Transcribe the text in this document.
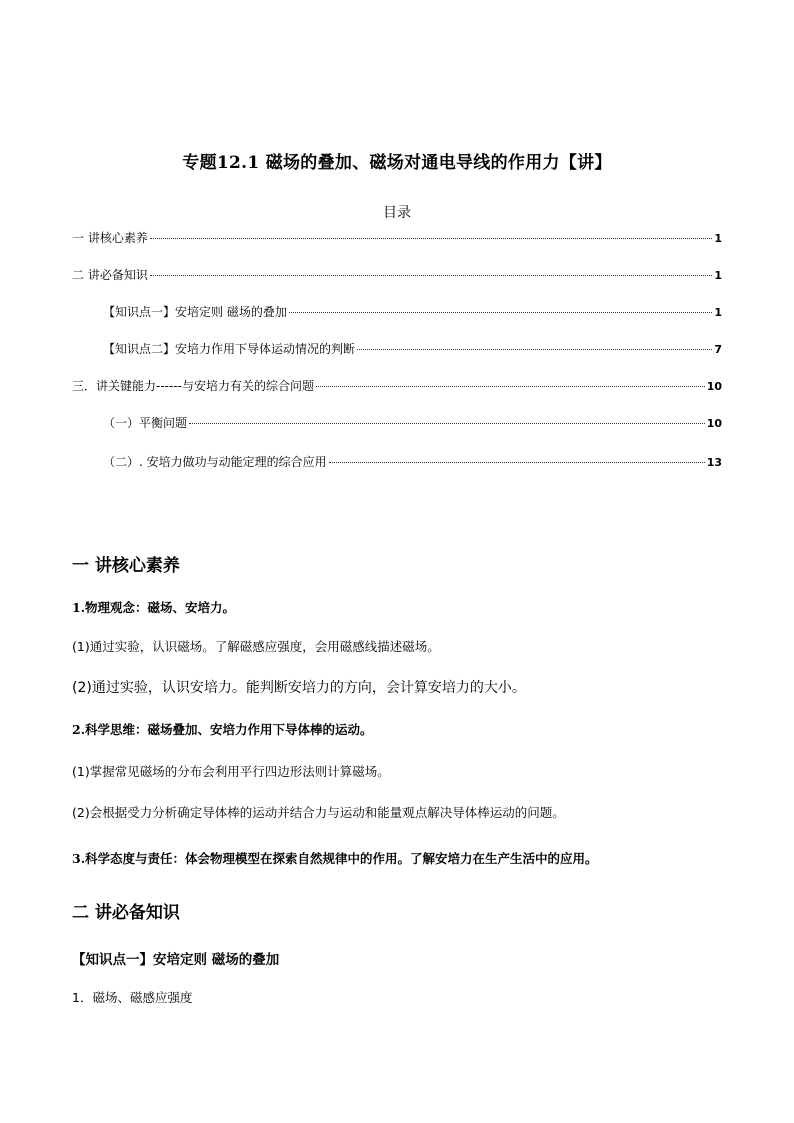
专题12.1 磁场的叠加、磁场对通电导线的作用力【讲】
目录
一 讲核心素养	1
二 讲必备知识	1
【知识点一】安培定则 磁场的叠加	1
【知识点二】安培力作用下导体运动情况的判断	7
三．讲关键能力------与安培力有关的综合问题	10
（一）平衡问题	10
（二）. 安培力做功与动能定理的综合应用	13
一 讲核心素养
1.物理观念：磁场、安培力。
(1)通过实验，认识磁场。了解磁感应强度，会用磁感线描述磁场。
(2)通过实验，认识安培力。能判断安培力的方向，会计算安培力的大小。
2.科学思维：磁场叠加、安培力作用下导体棒的运动。
(1)掌握常见磁场的分布会利用平行四边形法则计算磁场。
(2)会根据受力分析确定导体棒的运动并结合力与运动和能量观点解决导体棒运动的问题。
3.科学态度与责任：体会物理模型在探索自然规律中的作用。了解安培力在生产生活中的应用。
二 讲必备知识
【知识点一】安培定则 磁场的叠加
1．磁场、磁感应强度
